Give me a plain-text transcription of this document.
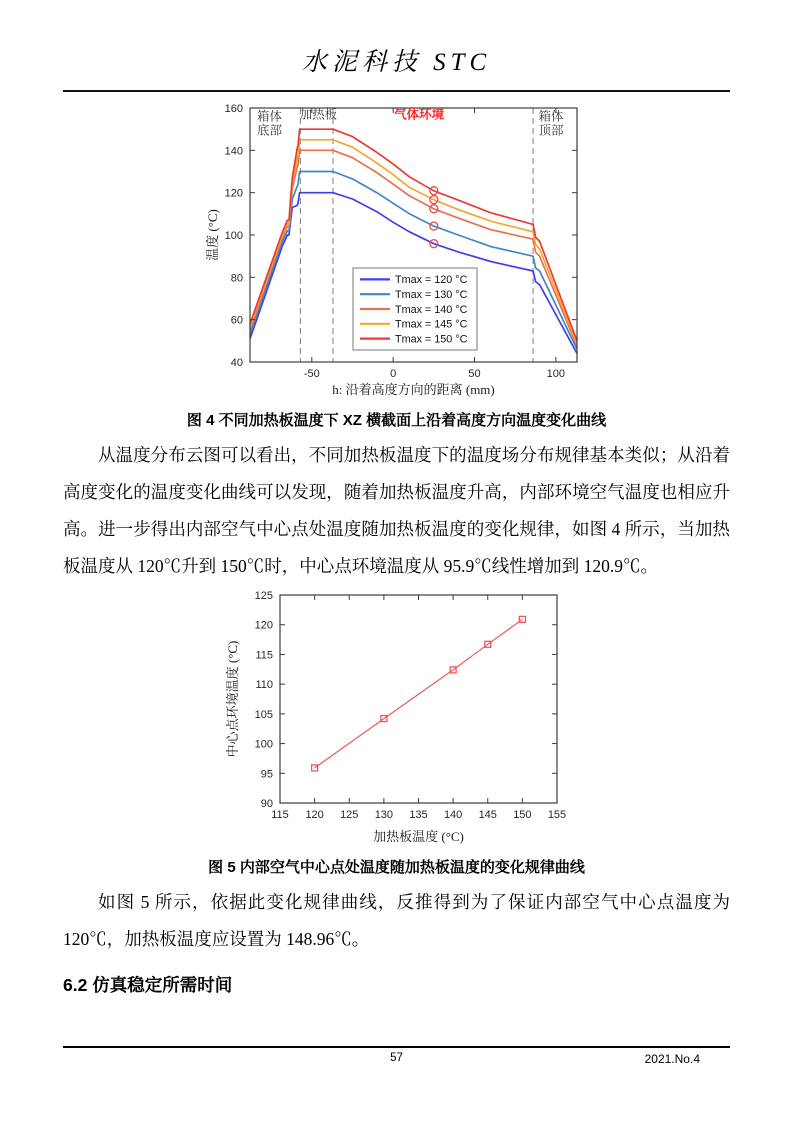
水泥科技 STC
-50	0	50	100
40
60
80
100
120
140
160
箱体
底部
加热板	气体环境	箱体
顶部
Tmax = 120 °C
Tmax = 130 °C
Tmax = 140 °C
Tmax = 145 °C
Tmax = 150 °C
h: 沿着高度方向的距离 (mm)
温度 (°C)
图 4 不同加热板温度下 XZ 横截面上沿着高度方向温度变化曲线

从温度分布云图可以看出，不同加热板温度下的温度场分布规律基本类似；从沿着高度变化的温度变化曲线可以发现，随着加热板温度升高，内部环境空气温度也相应升高。进一步得出内部空气中心点处温度随加热板温度的变化规律，如图 4 所示，当加热板温度从 120℃升到 150℃时，中心点环境温度从 95.9℃线性增加到 120.9℃。

115 120 125 130 135 140 145 150 155
90
95
100
105
110
115
120
125
加热板温度 (°C)
中心点环境温度 (°C)
图 5 内部空气中心点处温度随加热板温度的变化规律曲线

如图 5 所示，依据此变化规律曲线，反推得到为了保证内部空气中心点温度为 120℃，加热板温度应设置为 148.96℃。

6.2 仿真稳定所需时间
57	2021.No.4
